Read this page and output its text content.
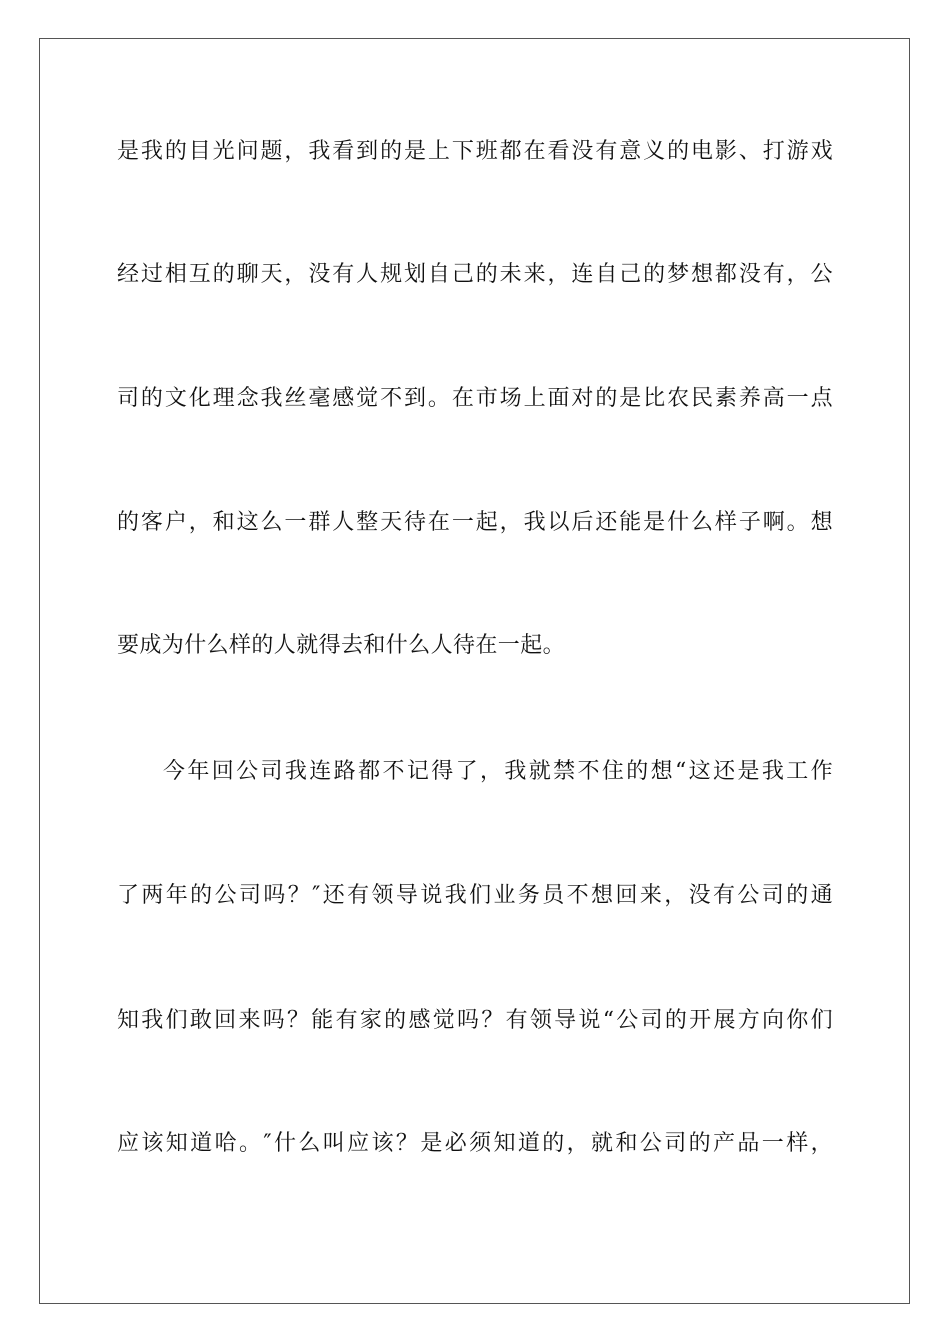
是我的目光问题，我看到的是上下班都在看没有意义的电影、打游戏
经过相互的聊天，没有人规划自己的未来，连自己的梦想都没有，公
司的文化理念我丝毫感觉不到。在市场上面对的是比农民素养高一点
的客户，和这么一群人整天待在一起，我以后还能是什么样子啊。想
要成为什么样的人就得去和什么人待在一起。
今年回公司我连路都不记得了，我就禁不住的想“这还是我工作
了两年的公司吗？″还有领导说我们业务员不想回来，没有公司的通
知我们敢回来吗？能有家的感觉吗？有领导说“公司的开展方向你们
应该知道哈。″什么叫应该？是必须知道的，就和公司的产品一样，
